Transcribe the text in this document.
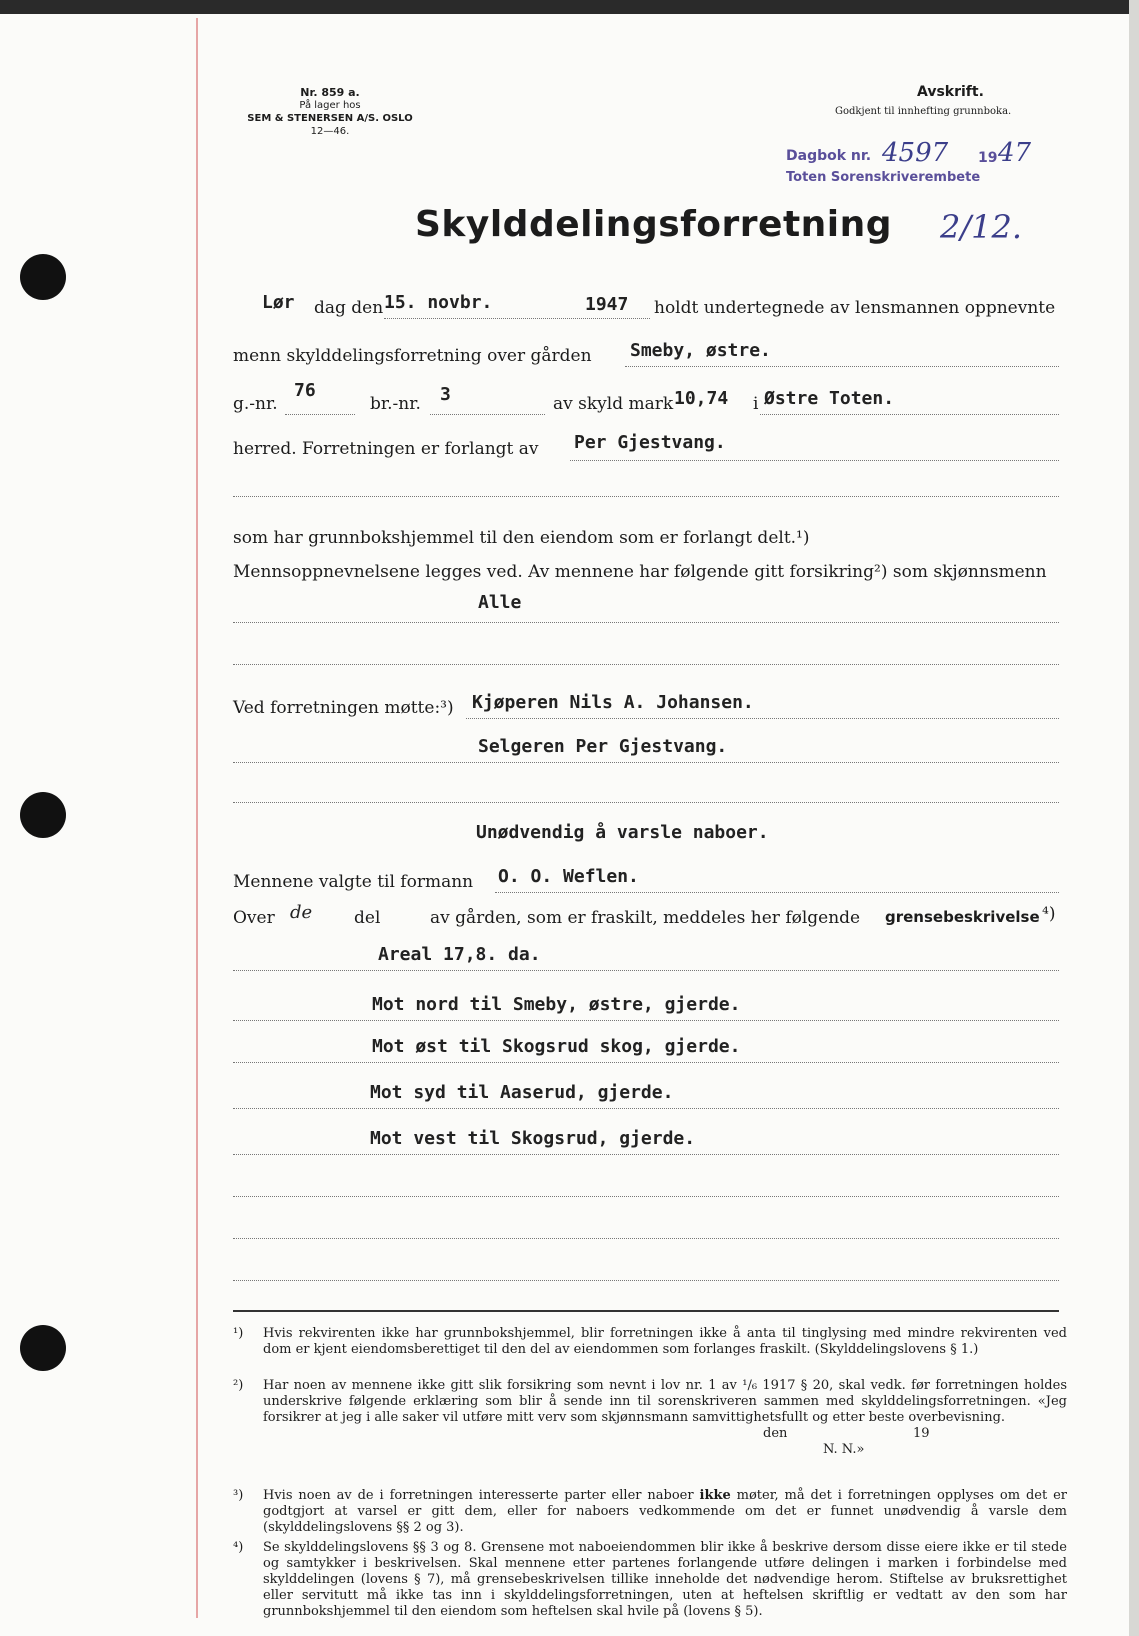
Nr. 859 a.
På lager hos
SEM & STENERSEN A/S. OSLO
12—46.
Avskrift.
Godkjent til innhefting grunnboka.
Dagbok nr. 4597 19 47
Toten Sorenskriverembete
2/12.
Skylddelingsforretning
Lør dag den 15. novbr.	1947 holdt undertegnede av lensmannen oppnevnte
menn skylddelingsforretning over gården Smeby, østre.
g.-nr.
76
br.-nr. 3	av skyld mark 10,74 i Østre Toten.
herred. Forretningen er forlangt av Per Gjestvang.
som har grunnbokshjemmel til den eiendom som er forlangt delt.¹)
Mennsoppnevnelsene legges ved. Av mennene har følgende gitt forsikring²) som skjønnsmenn
Alle
Ved forretningen møtte:³) Kjøperen Nils A. Johansen.
Selgeren Per Gjestvang.
Unødvendig å varsle naboer.
Mennene valgte til formann O. O. Weflen.
Over de del	av gården, som er fraskilt, meddeles her følgende grensebeskrivelse ⁴)
Areal 17,8. da.
Mot nord til Smeby, østre, gjerde.
Mot øst til Skogsrud skog, gjerde.
Mot syd til Aaserud, gjerde.
Mot vest til Skogsrud, gjerde.
¹) Hvis rekvirenten ikke har grunnbokshjemmel, blir forretningen ikke å anta til tinglysing med mindre rekvirenten ved dom er kjent eiendomsberettiget til den del av eiendommen som forlanges fraskilt. (Skylddelingslovens § 1.)
²) Har noen av mennene ikke gitt slik forsikring som nevnt i lov nr. 1 av ¹/₆ 1917 § 20, skal vedk. før forretningen holdes underskrive følgende erklæring som blir å sende inn til sorenskriveren sammen med skylddelingsforretningen. «Jeg forsikrer at jeg i alle saker vil utføre mitt verv som skjønnsmann samvittighetsfullt og etter beste overbevisning.
den	19
N. N.»
³) Hvis noen av de i forretningen interesserte parter eller naboer ikke møter, må det i forretningen opplyses om det er godtgjort at varsel er gitt dem, eller for naboers vedkommende om det er funnet unødvendig å varsle dem (skylddelingslovens §§ 2 og 3).
⁴) Se skylddelingslovens §§ 3 og 8. Grensene mot naboeiendommen blir ikke å beskrive dersom disse eiere ikke er til stede og samtykker i beskrivelsen. Skal mennene etter partenes forlangende utføre delingen i marken i forbindelse med skylddelingen (lovens § 7), må grensebeskrivelsen tillike inneholde det nødvendige herom. Stiftelse av bruksrettighet eller servitutt må ikke tas inn i skylddelingsforretningen, uten at heftelsen skriftlig er vedtatt av den som har grunnbokshjemmel til den eiendom som heftelsen skal hvile på (lovens § 5).
